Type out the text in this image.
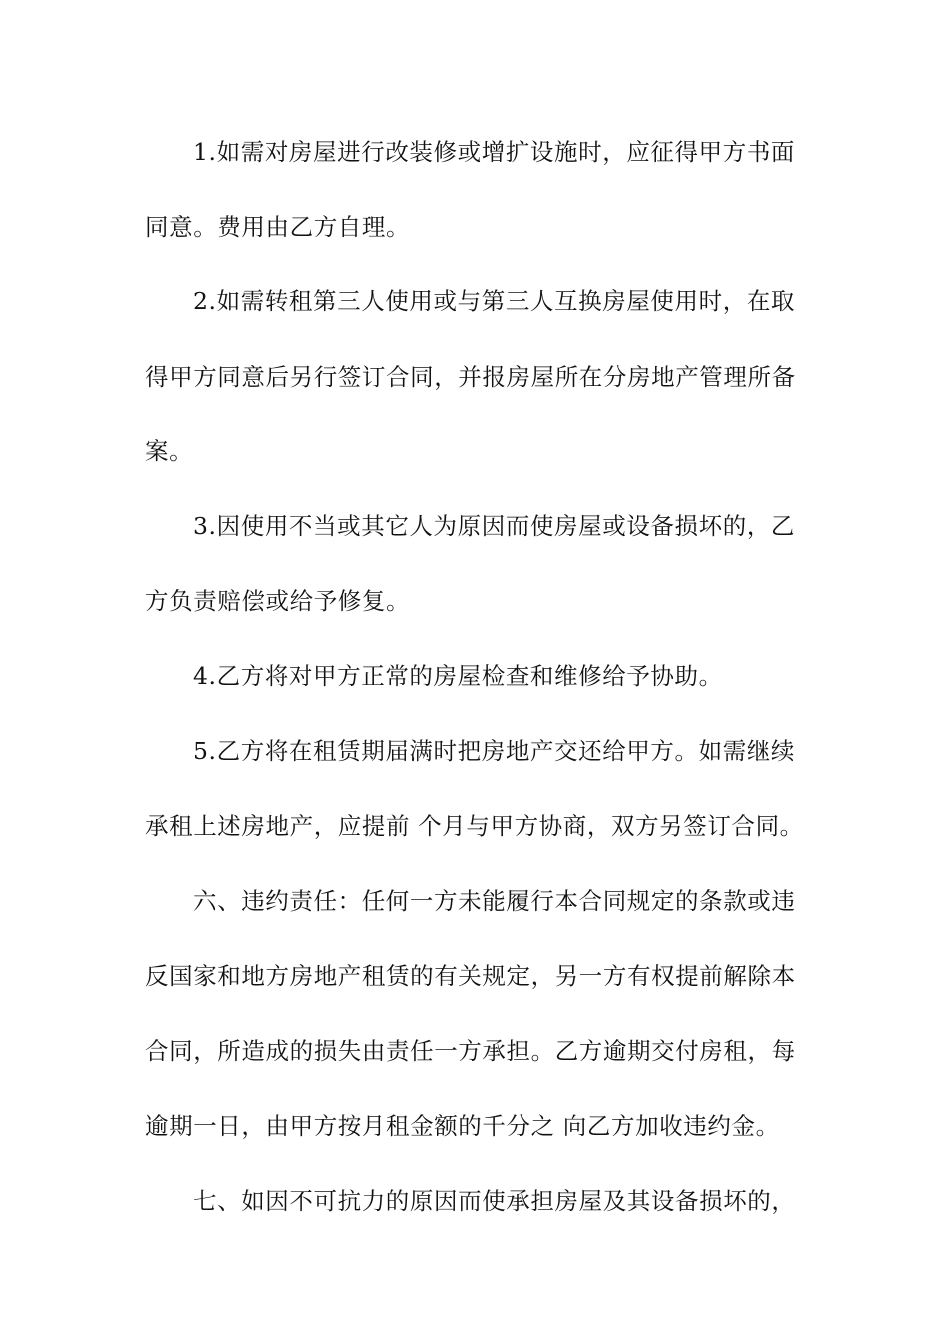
1.如需对房屋进行改装修或增扩设施时，应征得甲方书面
同意。费用由乙方自理。
2.如需转租第三人使用或与第三人互换房屋使用时，在取
得甲方同意后另行签订合同，并报房屋所在分房地产管理所备
案。
3.因使用不当或其它人为原因而使房屋或设备损坏的，乙
方负责赔偿或给予修复。
4.乙方将对甲方正常的房屋检查和维修给予协助。
5.乙方将在租赁期届满时把房地产交还给甲方。如需继续
承租上述房地产，应提前 个月与甲方协商，双方另签订合同。
六、违约责任：任何一方未能履行本合同规定的条款或违
反国家和地方房地产租赁的有关规定，另一方有权提前解除本
合同，所造成的损失由责任一方承担。乙方逾期交付房租，每
逾期一日，由甲方按月租金额的千分之 向乙方加收违约金。
七、如因不可抗力的原因而使承担房屋及其设备损坏的，
